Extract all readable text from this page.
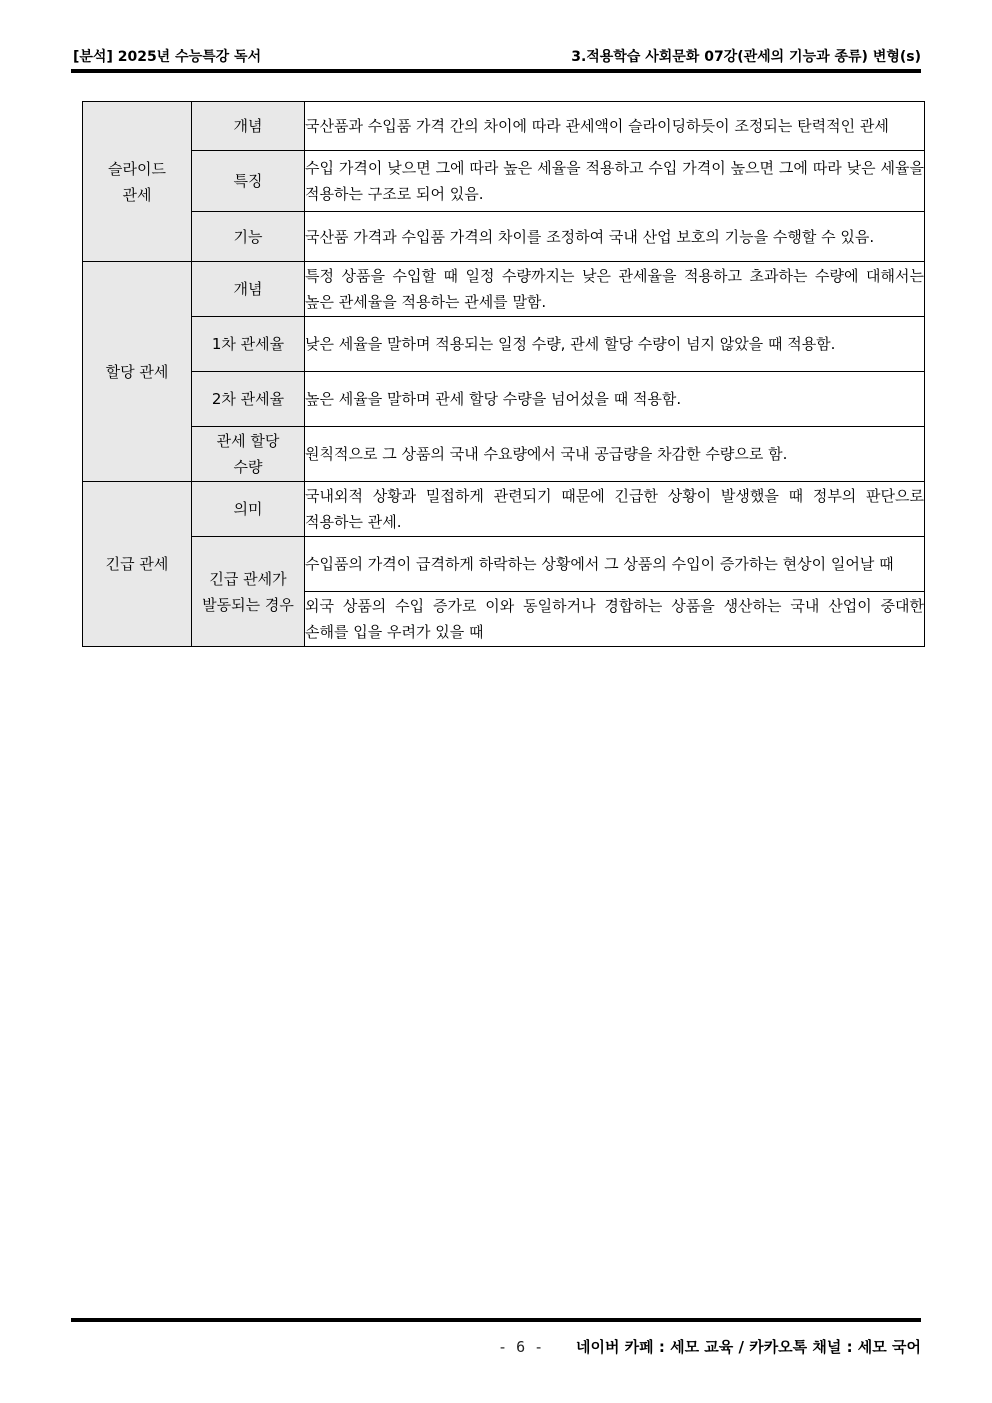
[분석] 2025년 수능특강 독서	3.적용학습 사회문화 07강(관세의 기능과 종류) 변형(s)
슬라이드 관세	개념	국산품과 수입품 가격 간의 차이에 따라 관세액이 슬라이딩하듯이 조정되는 탄력적인 관세
	특징	수입 가격이 낮으면 그에 따라 높은 세율을 적용하고 수입 가격이 높으면 그에 따라 낮은 세율을 적용하는 구조로 되어 있음.
	기능	국산품 가격과 수입품 가격의 차이를 조정하여 국내 산업 보호의 기능을 수행할 수 있음.
할당 관세	개념	특정 상품을 수입할 때 일정 수량까지는 낮은 관세율을 적용하고 초과하는 수량에 대해서는 높은 관세율을 적용하는 관세를 말함.
	1차 관세율	낮은 세율을 말하며 적용되는 일정 수량, 관세 할당 수량이 넘지 않았을 때 적용함.
	2차 관세율	높은 세율을 말하며 관세 할당 수량을 넘어섰을 때 적용함.

	관세 할당 수량	원칙적으로 그 상품의 국내 수요량에서 국내 공급량을 차감한 수량으로 함.
긴급 관세	의미	국내외적 상황과 밀접하게 관련되기 때문에 긴급한 상황이 발생했을 때 정부의 판단으로 적용하는 관세.

	긴급 관세가 발동되는 경우	수입품의 가격이 급격하게 하락하는 상황에서 그 상품의 수입이 증가하는 현상이 일어날 때
		외국 상품의 수입 증가로 이와 동일하거나 경합하는 상품을 생산하는 국내 산업이 중대한 손해를 입을 우려가 있을 때
- 6 - 네이버 카페 : 세모 교육 / 카카오톡 채널 : 세모 국어
